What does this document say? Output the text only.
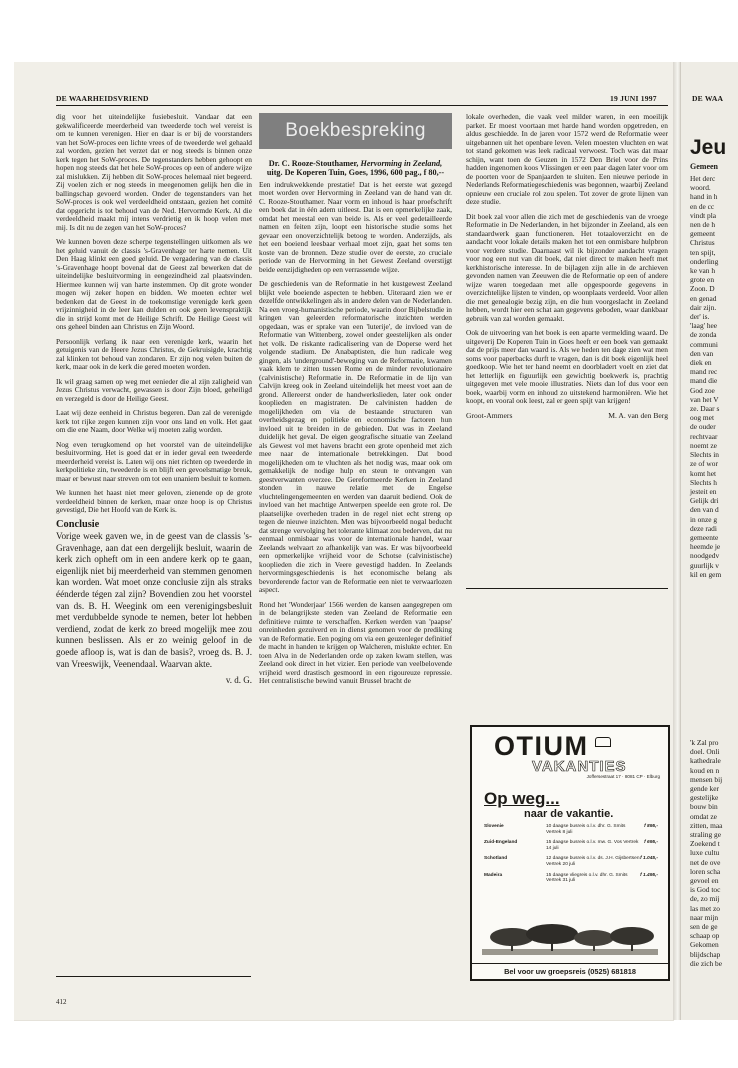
DE WAARHEIDSVRIEND	19 JUNI 1997	DE WAA

dig voor het uiteindelijke fusiebesluit. Vandaar dat een gekwalificeerde meerderheid van tweederde toch wel vereist is om te kunnen verenigen. Hier en daar is er bij de voorstanders van het SoW-proces een lichte vrees of de tweederde wel gehaald zal worden, gezien het verzet dat er nog steeds is binnen onze kerk tegen het SoW-proces. De tegenstanders hebben gehoopt en hopen nog steeds dat het hele SoW-proces op een of andere wijze zal mislukken. Zij hebben dit SoW-proces helemaal niet begeerd. Zij voelen zich er nog steeds in meegenomen gelijk hen die in ballingschap gevoerd worden. Onder de tegenstanders van het SoW-proces is ook wel verdeeldheid ontstaan, gezien het comité dat opgericht is tot behoud van de Ned. Hervormde Kerk. Al die verdeeldheid maakt mij intens verdrietig en ik hoop velen met mij. Is dit nu de zegen van het SoW-proces?

We kunnen boven deze scherpe tegenstellingen uitkomen als we het geluid vanuit de classis 's-Gravenhage ter harte nemen. Uit Den Haag klinkt een goed geluid. De vergadering van de classis 's-Gravenhage hoopt bovenal dat de Geest zal bewerken dat de uiteindelijke besluitvorming in eengezindheid zal plaatsvinden. Hiermee kunnen wij van harte instemmen. Op dit grote wonder mogen wij zeker hopen en bidden. We moeten echter wel bedenken dat de Geest in de toekomstige verenigde kerk geen vrijzinnigheid in de leer kan dulden en ook geen levenspraktijk die in strijd komt met de Heilige Schrift. De Heilige Geest wil ons geheel binden aan Christus en Zijn Woord.

Persoonlijk verlang ik naar een verenigde kerk, waarin het getuigenis van de Heere Jezus Christus, de Gekruisigde, krachtig zal klinken tot behoud van zondaren. Er zijn nog velen buiten de kerk, maar ook in de kerk die gered moeten worden.

Ik wil graag samen op weg met eenieder die al zijn zaligheid van Jezus Christus verwacht, gewassen is door Zijn bloed, geheiligd en verzegeld is door de Heilige Geest.

Laat wij deze eenheid in Christus begeren. Dan zal de verenigde kerk tot rijke zegen kunnen zijn voor ons land en volk. Het gaat om die ene Naam, door Welke wij moeten zalig worden.

Nog even terugkomend op het voorstel van de uiteindelijke besluitvorming. Het is goed dat er in ieder geval een tweederde meerderheid vereist is. Laten wij ons niet richten op tweederde in kerkpolitieke zin, tweederde is en blijft een gevoelsmatige breuk, maar er bewust naar streven om tot een unaniem besluit te komen.

We kunnen het haast niet meer geloven, zienende op de grote verdeeldheid binnen de kerken, maar onze hoop is op Christus gevestigd, Die het Hoofd van de Kerk is.

Conclusie

Vorige week gaven we, in de geest van de classis 's-Gravenhage, aan dat een dergelijk besluit, waarin de kerk zich opheft om in een andere kerk op te gaan, eigenlijk niet bij meerderheid van stemmen genomen kan worden. Wat moet onze conclusie zijn als straks éénderde tégen zal zijn? Bovendien zou het voorstel van ds. B. H. Weegink om een verenigingsbesluit met verdubbelde synode te nemen, beter lot hebben verdiend, zodat de kerk zo breed mogelijk mee zou kunnen beslissen. Als er zo weinig geloof in de goede afloop is, wat is dan de basis?, vroeg ds. B. J. van Vreeswijk, Veenendaal. Waarvan akte.

v. d. G.

412
Boekbespreking
Dr. C. Rooze-Stouthamer, Hervorming in Zeeland, uitg. De Koperen Tuin, Goes, 1996, 600 pag., f 80,--

Een indrukwekkende prestatie! Dat is het eerste wat gezegd moet worden over Hervorming in Zeeland van de hand van dr. C. Rooze-Stouthamer. Naar vorm en inhoud is haar proefschrift een boek dat in één adem uitleest. Dat is een opmerkelijke zaak, omdat het meestal een van beide is. Als er veel gedetailleerde namen en feiten zijn, loopt een historische studie soms het gevaar een onoverzichtelijk betoog te worden. Anderzijds, als het een boeiend leesbaar verhaal moet zijn, gaat het soms ten koste van de bronnen. Deze studie over de eerste, zo cruciale periode van de Hervorming in het Gewest Zeeland overstijgt beide eenzijdigheden op een verrassende wijze.

De geschiedenis van de Reformatie in het kustgewest Zeeland blijkt vele boeiende aspecten te hebben. Uiteraard zien we er dezelfde ontwikkelingen als in andere delen van de Nederlanden. Na een vroeg-humanistische periode, waarin door Bijbelstudie in kringen van geleerden reformatorische inzichten werden opgedaan, was er sprake van een 'luterije', de invloed van de Reformatie van Wittenberg, zowel onder geestelijken als onder het volk. De riskante radicalisering van de Doperse werd het volgende stadium. De Anabaptisten, die hun radicale weg gingen, als 'underground'-beweging van de Reformatie, kwamen vaak klem te zitten tussen Rome en de minder revolutionaire (calvinistische) Reformatie in. De Reformatie in de lijn van Calvijn kreeg ook in Zeeland uiteindelijk het meest voet aan de grond. Allereerst onder de handwerkslieden, later ook onder kooplieden en magistraten. De calvinisten hadden de mogelijkheden om via de bestaande structuren van overheidsgezag en politieke en economische factoren hun invloed uit te breiden in de gebieden. Dat was in Zeeland duidelijk het geval. De eigen geografische situatie van Zeeland als Gewest vol met havens bracht een grote openheid met zich mee naar de internationale betrekkingen. Dat bood mogelijkheden om te vluchten als het nodig was, maar ook om gemakkelijk de nodige hulp en steun te ontvangen van geestverwanten overzee. De Gereformeerde Kerken in Zeeland stonden in nauwe relatie met de Engelse vluchtelingengemeenten en werden van daaruit bediend. Ook de invloed van het machtige Antwerpen speelde een grote rol. De plaatselijke overheden traden in de regel niet echt streng op tegen de nieuwe inzichten. Men was bijvoorbeeld nogal beducht dat strenge vervolging het tolerante klimaat zou bederven, dat nu eenmaal onmisbaar was voor de internationale handel, waar Zeelands welvaart zo afhankelijk van was. Er was bijvoorbeeld een opmerkelijke vrijheid voor de Schotse (calvinistische) kooplieden die zich in Veere gevestigd hadden. In Zeelands hervormingsgeschiedenis is het economische belang als bevorderende factor van de Reformatie een niet te verwaarlozen aspect.

Rond het 'Wonderjaar' 1566 werden de kansen aangegrepen om in de belangrijkste steden van Zeeland de Reformatie een definitieve ruimte te verschaffen. Kerken werden van 'paapse' onreinheden gezuiverd en in dienst genomen voor de prediking van de Reformatie. Een poging om via een geuzenleger definitief de macht in handen te krijgen op Walcheren, mislukte echter. En toen Alva in de Nederlanden orde op zaken kwam stellen, was Zeeland ook direct in het vizier. Een periode van veelbelovende vrijheid werd drastisch gesmoord in een rigoureuze repressie. Het centralistische bewind vanuit Brussel bracht de

lokale overheden, die vaak veel milder waren, in een moeilijk parket. Er moest voortaan met harde hand worden opgetreden, en aldus geschiedde. In de jaren voor 1572 werd de Reformatie weer uitgebannen uit het openbare leven. Velen moesten vluchten en wat tot stand gekomen was leek radicaal verwoest. Toch was dat maar schijn, want toen de Geuzen in 1572 Den Briel voor de Prins hadden ingenomen koos Vlissingen er een paar dagen later voor om de poorten voor de Spanjaarden te sluiten. Een nieuwe periode in Nederlands Reformatiegeschiedenis was begonnen, waarbij Zeeland opnieuw een cruciale rol zou spelen. Tot zover de grote lijnen van deze studie.

Dit boek zal voor allen die zich met de geschiedenis van de vroege Reformatie in De Nederlanden, in het bijzonder in Zeeland, als een standaardwerk gaan functioneren. Het totaaloverzicht en de aandacht voor lokale details maken het tot een onmisbare hulpbron voor verdere studie. Daarnaast wil ik bijzonder aandacht vragen voor nog een nut van dit boek, dat niet direct te maken heeft met kerkhistorische interesse. In de bijlagen zijn alle in de archieven gevonden namen van Zeeuwen die de Reformatie op een of andere wijze waren toegedaan met alle opgespoorde gegevens in overzichtelijke lijsten te vinden, op woonplaats verdeeld. Voor allen die met genealogie bezig zijn, en die hun voorgeslacht in Zeeland hebben, wordt hier een schat aan gegevens geboden, waar dankbaar gebruik van zal worden gemaakt.

Ook de uitvoering van het boek is een aparte vermelding waard. De uitgeverij De Koperen Tuin in Goes heeft er een boek van gemaakt dat de prijs meer dan waard is. Als we heden ten dage zien wat men soms voor paperbacks durft te vragen, dan is dit boek eigenlijk heel goedkoop. Wie het ter hand neemt en doorbladert voelt en ziet dat het letterlijk en figuurlijk een gewichtig boekwerk is, prachtig uitgegeven met vele mooie illustraties. Niets dan lof dus voor een boek, waarbij vorm en inhoud zo uitstekend harmoniëren. Wie het koopt, en vooral ook leest, zal er geen spijt van krijgen!

Groot-Ammers	M. A. van den Berg
OTIUM
VAKANTIES
Joffersestraat 17 · 8081 CP · Elburg
Op weg...
naar de vakantie.
Slovenie	10 daagse busreis o.l.v. dhr. G. Smits Vertrek 8 juli	f 895,-
Zuid-Engeland	15 daagse busreis o.l.v. mw. G. Vos Vertrek 14 juli	f 695,-
Schotland	12 daagse busreis o.l.v. ds. J.H. Gijsbertsen Vertrek 20 juli	f 1.045,-
Madeira	15 daagse vliegreis o.l.v. dhr. G. Smits Vertrek 31 juli	f 1.495,-
Bel voor uw groepsreis (0525) 681818
Jeu
Gemeen
Het derc
woord.
hand in h
en de cc
vindt pla
nen de h
gemeent
Christus
ten spijt,
onderling
ke van h
grote en
Zoon. D
en genad
dair zijn.
der' is.
'laag' hee
de zonda
communi
den van
diek en
mand rec
mand die
God zoe
van het V
ze. Daar s
oog met
de ouder
rechtvaar
noemt ze
Slechts in
ze of wor
komt het
Slechts h
jesteit en
Gelijk dri
den van d
in onze g
deze radi
gemeente
heemde je
noodgedv
guurlijk v
kil en gem
'k Zal pro
doel. Onli
kathedrale
koud en n
mensen bij
gende ker
gestelijke
bouw bin
omdat ze
zitten, maa
straling ge
Zoekend t
luxe cultu
net de ove
loren scha
gevoel en
is God toc
de, zo mij
las met zo
naar mijn
sen de ge
schaap op
Gekomen
blijdschap
die zich be
